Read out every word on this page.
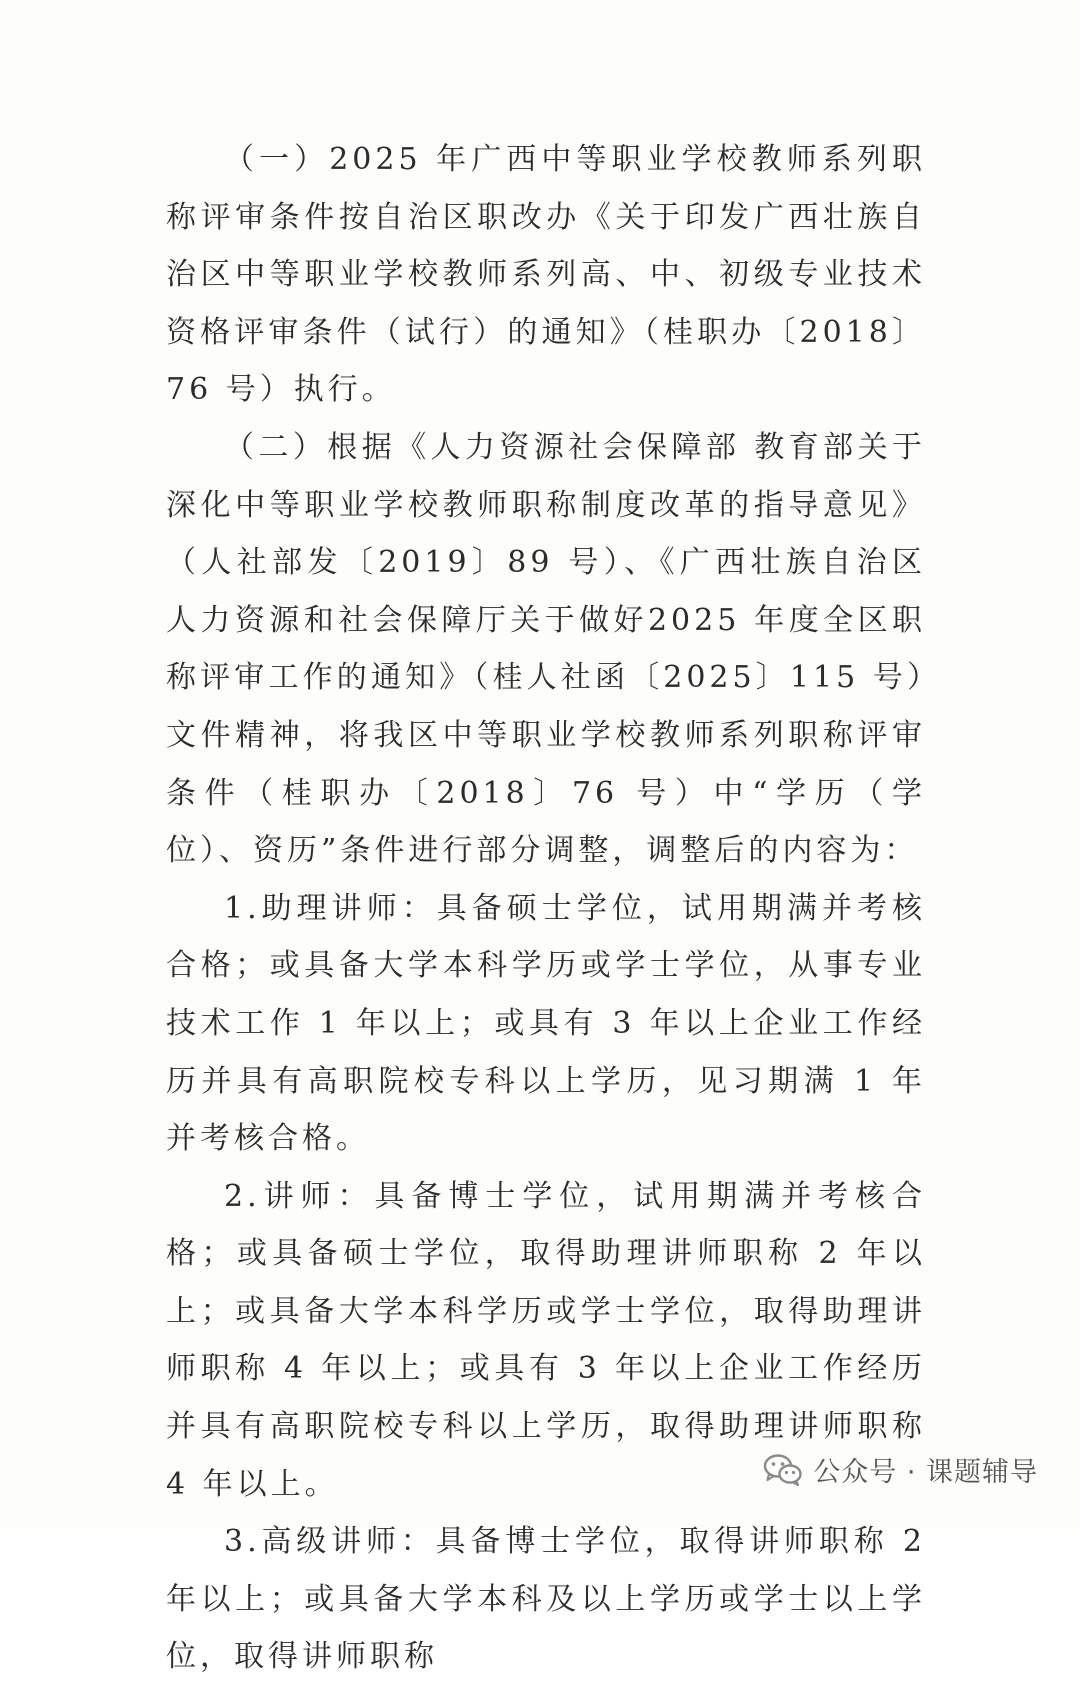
（一）2025 年广西中等职业学校教师系列职称评审条件按自治区职改办《关于印发广西壮族自治区中等职业学校教师系列高、中、初级专业技术资格评审条件（试行）的通知》（桂职办〔2018〕76 号）执行。

（二）根据《人力资源社会保障部 教育部关于深化中等职业学校教师职称制度改革的指导意见》（人社部发〔2019〕89 号）、《广西壮族自治区人力资源和社会保障厅关于做好2025 年度全区职称评审工作的通知》（桂人社函〔2025〕115 号）文件精神，将我区中等职业学校教师系列职称评审条件（桂职办〔2018〕76 号）中“学历（学位）、资历”条件进行部分调整，调整后的内容为：

1.助理讲师：具备硕士学位，试用期满并考核合格；或具备大学本科学历或学士学位，从事专业技术工作 1 年以上；或具有 3 年以上企业工作经历并具有高职院校专科以上学历，见习期满 1 年并考核合格。

2.讲师：具备博士学位，试用期满并考核合格；或具备硕士学位，取得助理讲师职称 2 年以上；或具备大学本科学历或学士学位，取得助理讲师职称 4 年以上；或具有 3 年以上企业工作经历并具有高职院校专科以上学历，取得助理讲师职称 4 年以上。

3.高级讲师：具备博士学位，取得讲师职称 2 年以上；或具备大学本科及以上学历或学士以上学位，取得讲师职称

公众号 · 课题辅导
